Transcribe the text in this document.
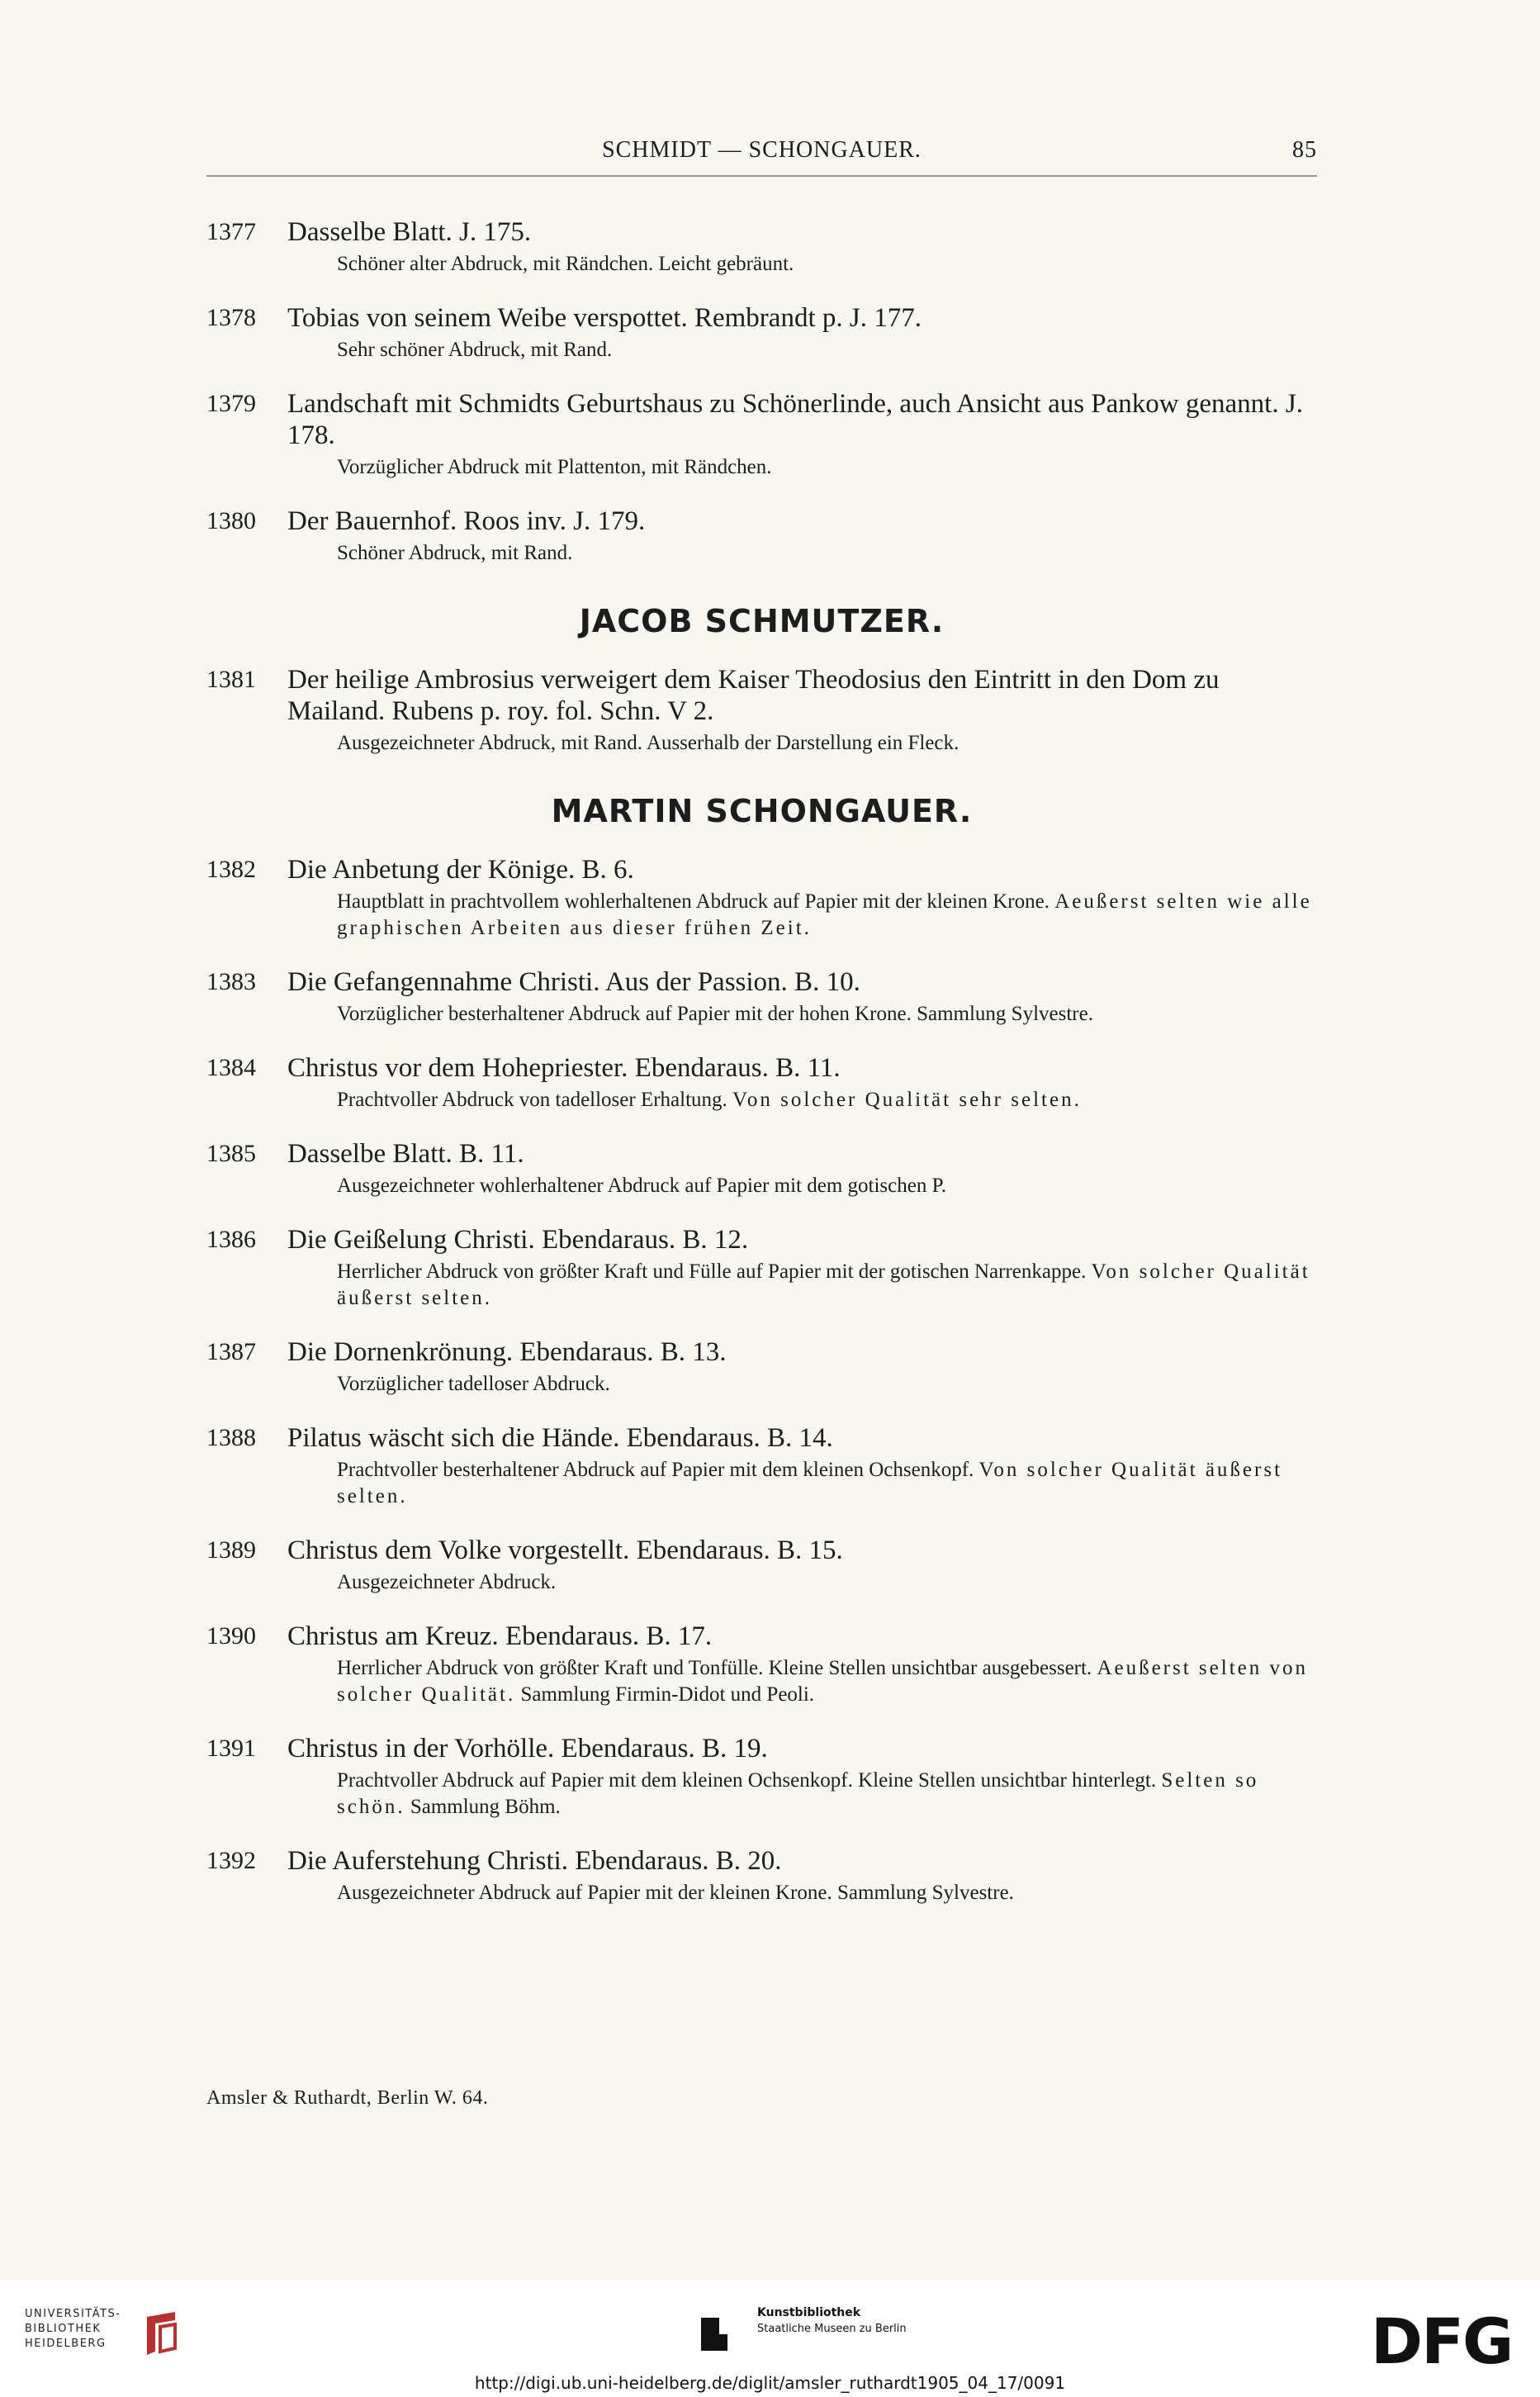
SCHMIDT — SCHONGAUER.	85
1377	Dasselbe Blatt. J. 175.
Schöner alter Abdruck, mit Rändchen. Leicht gebräunt.
1378	Tobias von seinem Weibe verspottet. Rembrandt p. J. 177.
Sehr schöner Abdruck, mit Rand.
1379	Landschaft mit Schmidts Geburtshaus zu Schönerlinde, auch Ansicht aus Pankow genannt. J. 178.
Vorzüglicher Abdruck mit Plattenton, mit Rändchen.
1380	Der Bauernhof. Roos inv. J. 179.
Schöner Abdruck, mit Rand.
JACOB SCHMUTZER.
1381	Der heilige Ambrosius verweigert dem Kaiser Theodosius den Eintritt in den Dom zu Mailand. Rubens p. roy. fol. Schn. V 2.
Ausgezeichneter Abdruck, mit Rand. Ausserhalb der Darstellung ein Fleck.
MARTIN SCHONGAUER.
1382	Die Anbetung der Könige. B. 6.
Hauptblatt in prachtvollem wohlerhaltenen Abdruck auf Papier mit der kleinen Krone. Aeußerst selten wie alle graphischen Arbeiten aus dieser frühen Zeit.
1383	Die Gefangennahme Christi. Aus der Passion. B. 10.
Vorzüglicher besterhaltener Abdruck auf Papier mit der hohen Krone. Sammlung Sylvestre.
1384	Christus vor dem Hohepriester. Ebendaraus. B. 11.
Prachtvoller Abdruck von tadelloser Erhaltung. Von solcher Qualität sehr selten.
1385	Dasselbe Blatt. B. 11.
Ausgezeichneter wohlerhaltener Abdruck auf Papier mit dem gotischen P.
1386	Die Geißelung Christi. Ebendaraus. B. 12.
Herrlicher Abdruck von größter Kraft und Fülle auf Papier mit der gotischen Narrenkappe. Von solcher Qualität äußerst selten.
1387	Die Dornenkrönung. Ebendaraus. B. 13.
Vorzüglicher tadelloser Abdruck.
1388	Pilatus wäscht sich die Hände. Ebendaraus. B. 14.
Prachtvoller besterhaltener Abdruck auf Papier mit dem kleinen Ochsenkopf. Von solcher Qualität äußerst selten.
1389	Christus dem Volke vorgestellt. Ebendaraus. B. 15.
Ausgezeichneter Abdruck.
1390	Christus am Kreuz. Ebendaraus. B. 17.
Herrlicher Abdruck von größter Kraft und Tonfülle. Kleine Stellen unsichtbar ausgebessert. Aeußerst selten von solcher Qualität. Sammlung Firmin-Didot und Peoli.
1391	Christus in der Vorhölle. Ebendaraus. B. 19.
Prachtvoller Abdruck auf Papier mit dem kleinen Ochsenkopf. Kleine Stellen unsichtbar hinterlegt. Selten so schön. Sammlung Böhm.
1392	Die Auferstehung Christi. Ebendaraus. B. 20.
Ausgezeichneter Abdruck auf Papier mit der kleinen Krone. Sammlung Sylvestre.
Amsler & Ruthardt, Berlin W. 64.
UNIVERSITÄTS-
BIBLIOTHEK
HEIDELBERG
Kunstbibliothek
Staatliche Museen zu Berlin	DFG
http://digi.ub.uni-heidelberg.de/diglit/amsler_ruthardt1905_04_17/0091
